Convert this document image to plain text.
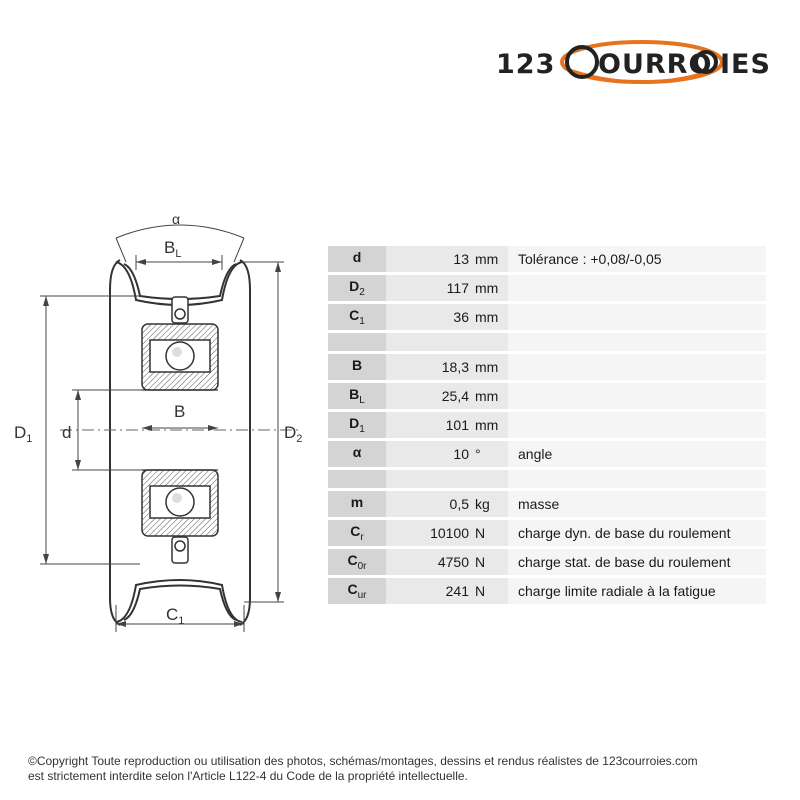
123 OURRO IES
α
$B_L$
B
$D_1$ d	$D_2$
$C_1$
d	13 mm	Tolérance : +0,08/-0,05
$D_2$	117 mm	
$C_1$	36 mm	

B	18,3 mm	
$B_L$	25,4 mm	
$D_1$	101 mm	
α	10 °	angle

m	0,5 kg	masse
$C_r$	10100 N	charge dyn. de base du roulement
$C_{0r}$	4750 N	charge stat. de base du roulement
$C_{ur}$	241 N	charge limite radiale à la fatigue
©Copyright Toute reproduction ou utilisation des photos, schémas/montages, dessins et rendus réalistes de 123courroies.com
est strictement interdite selon l'Article L122-4 du Code de la propriété intellectuelle.
